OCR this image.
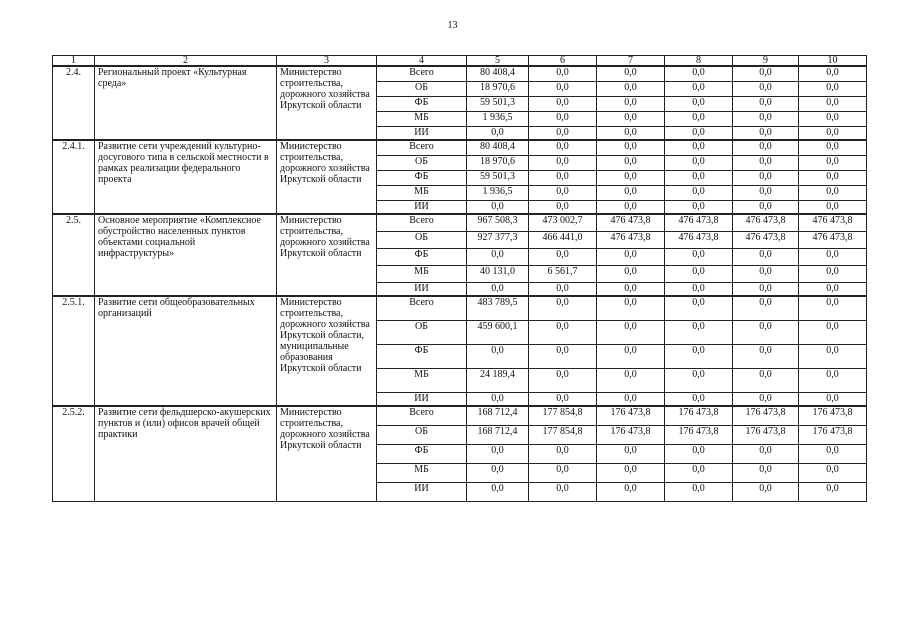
13
1	2	3	4	5	6	7	8	9	10
2.4.	Региональный проект «Культурная среда»	Министерство строительства, дорожного хозяйства Иркутской области	Всего	80 408,4	0,0	0,0	0,0	0,0	0,0
			ОБ	18 970,6	0,0	0,0	0,0	0,0	0,0
			ФБ	59 501,3	0,0	0,0	0,0	0,0	0,0
			МБ	1 936,5	0,0	0,0	0,0	0,0	0,0
			ИИ	0,0	0,0	0,0	0,0	0,0	0,0
2.4.1.	Развитие сети учреждений культурно-досугового типа в сельской местности в рамках реализации федерального проекта	Министерство строительства, дорожного хозяйства Иркутской области	Всего	80 408,4	0,0	0,0	0,0	0,0	0,0
			ОБ	18 970,6	0,0	0,0	0,0	0,0	0,0
			ФБ	59 501,3	0,0	0,0	0,0	0,0	0,0
			МБ	1 936,5	0,0	0,0	0,0	0,0	0,0
			ИИ	0,0	0,0	0,0	0,0	0,0	0,0
2.5.	Основное мероприятие «Комплексное обустройство населенных пунктов объектами социальной инфраструктуры»	Министерство строительства, дорожного хозяйства Иркутской области	Всего	967 508,3	473 002,7	476 473,8	476 473,8	476 473,8	476 473,8
			ОБ	927 377,3	466 441,0	476 473,8	476 473,8	476 473,8	476 473,8
			ФБ	0,0	0,0	0,0	0,0	0,0	0,0
			МБ	40 131,0	6 561,7	0,0	0,0	0,0	0,0
			ИИ	0,0	0,0	0,0	0,0	0,0	0,0
2.5.1.	Развитие сети общеобразовательных организаций	Министерство строительства, дорожного хозяйства Иркутской области, муниципальные образования Иркутской области	Всего	483 789,5	0,0	0,0	0,0	0,0	0,0
			ОБ	459 600,1	0,0	0,0	0,0	0,0	0,0
			ФБ	0,0	0,0	0,0	0,0	0,0	0,0
			МБ	24 189,4	0,0	0,0	0,0	0,0	0,0
			ИИ	0,0	0,0	0,0	0,0	0,0	0,0
2.5.2.	Развитие сети фельдшерско-акушерских пунктов и (или) офисов врачей общей практики	Министерство строительства, дорожного хозяйства Иркутской области	Всего	168 712,4	177 854,8	176 473,8	176 473,8	176 473,8	176 473,8
			ОБ	168 712,4	177 854,8	176 473,8	176 473,8	176 473,8	176 473,8
			ФБ	0,0	0,0	0,0	0,0	0,0	0,0
			МБ	0,0	0,0	0,0	0,0	0,0	0,0
			ИИ	0,0	0,0	0,0	0,0	0,0	0,0
